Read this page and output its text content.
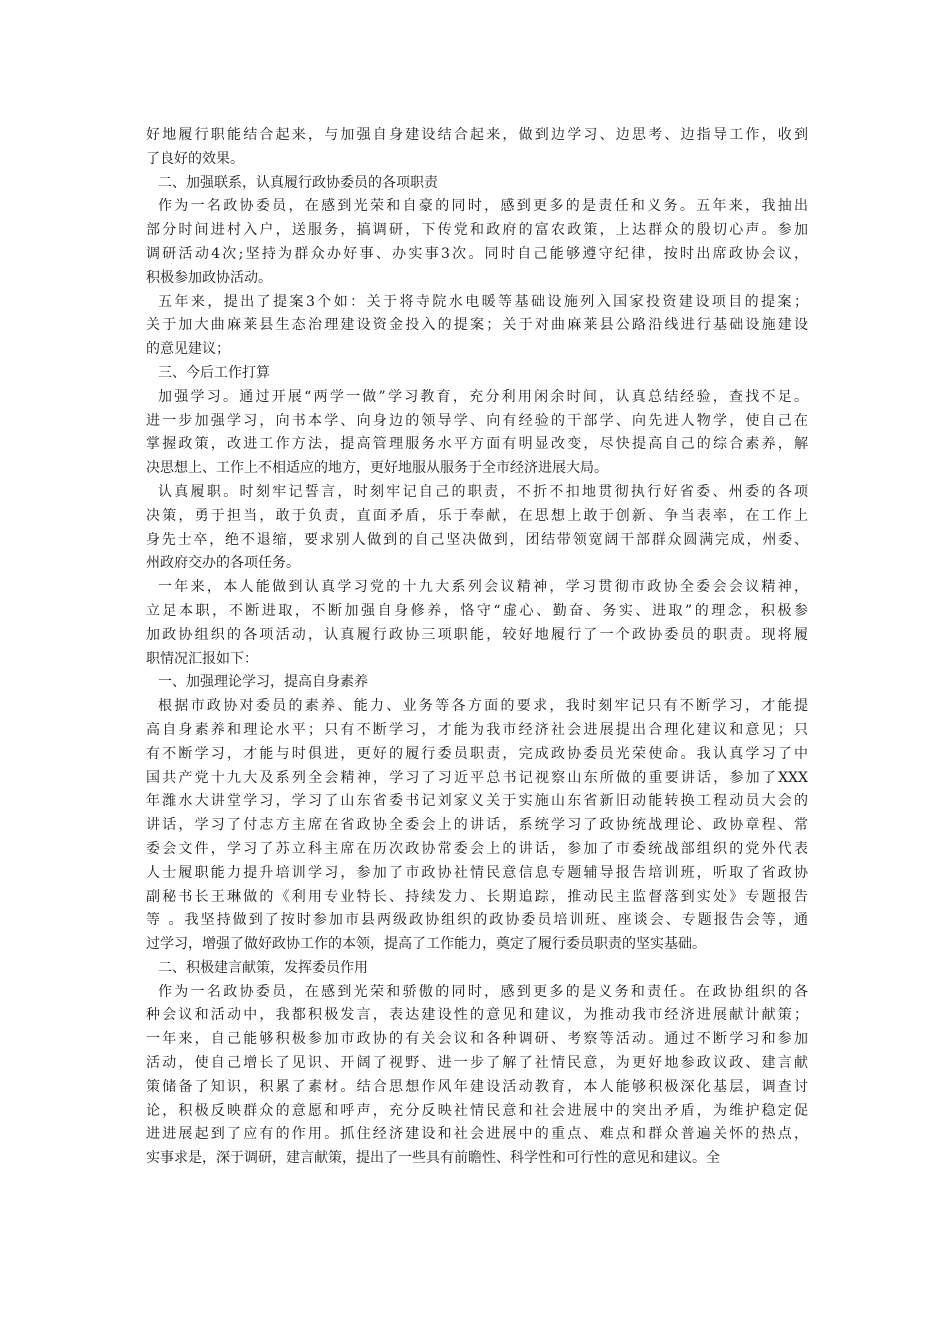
好地履行职能结合起来，与加强自身建设结合起来，做到边学习、边思考、边指导工作，收到
了良好的效果。
二、加强联系，认真履行政协委员的各项职责
作为一名政协委员，在感到光荣和自豪的同时，感到更多的是责任和义务。五年来，我抽出
部分时间进村入户，送服务，搞调研，下传党和政府的富农政策，上达群众的殷切心声。参加
调研活动4次;坚持为群众办好事、办实事3次。同时自己能够遵守纪律，按时出席政协会议，
积极参加政协活动。
五年来，提出了提案3个如：关于将寺院水电暖等基础设施列入国家投资建设项目的提案；
关于加大曲麻莱县生态治理建设资金投入的提案；关于对曲麻莱县公路沿线进行基础设施建设
的意见建议；
三、今后工作打算
加强学习。通过开展“两学一做”学习教育，充分利用闲余时间，认真总结经验，查找不足。
进一步加强学习，向书本学、向身边的领导学、向有经验的干部学、向先进人物学，使自己在
掌握政策，改进工作方法，提高管理服务水平方面有明显改变，尽快提高自己的综合素养，解
决思想上、工作上不相适应的地方，更好地服从服务于全市经济进展大局。
认真履职。时刻牢记誓言，时刻牢记自己的职责，不折不扣地贯彻执行好省委、州委的各项
决策，勇于担当，敢于负责，直面矛盾，乐于奉献，在思想上敢于创新、争当表率，在工作上
身先士卒，绝不退缩，要求别人做到的自己坚决做到，团结带领宽阔干部群众圆满完成，州委、
州政府交办的各项任务。
一年来，本人能做到认真学习党的十九大系列会议精神，学习贯彻市政协全委会会议精神，
立足本职，不断进取，不断加强自身修养，恪守“虚心、勤奋、务实、进取”的理念，积极参
加政协组织的各项活动，认真履行政协三项职能，较好地履行了一个政协委员的职责。现将履
职情况汇报如下：
一、加强理论学习，提高自身素养
根据市政协对委员的素养、能力、业务等各方面的要求，我时刻牢记只有不断学习，才能提
高自身素养和理论水平；只有不断学习，才能为我市经济社会进展提出合理化建议和意见；只
有不断学习，才能与时俱进，更好的履行委员职责，完成政协委员光荣使命。我认真学习了中
国共产党十九大及系列全会精神，学习了习近平总书记视察山东所做的重要讲话，参加了XXX
年潍水大讲堂学习，学习了山东省委书记刘家义关于实施山东省新旧动能转换工程动员大会的
讲话，学习了付志方主席在省政协全委会上的讲话，系统学习了政协统战理论、政协章程、常
委会文件，学习了苏立科主席在历次政协常委会上的讲话，参加了市委统战部组织的党外代表
人士履职能力提升培训学习，参加了市政协社情民意信息专题辅导报告培训班，听取了省政协
副秘书长王琳做的《利用专业特长、持续发力、长期追踪，推动民主监督落到实处》专题报告
等 。我坚持做到了按时参加市县两级政协组织的政协委员培训班、座谈会、专题报告会等，通
过学习，增强了做好政协工作的本领，提高了工作能力，奠定了履行委员职责的坚实基础。
二、积极建言献策，发挥委员作用
作为一名政协委员，在感到光荣和骄傲的同时，感到更多的是义务和责任。在政协组织的各
种会议和活动中，我都积极发言，表达建设性的意见和建议，为推动我市经济进展献计献策；
一年来，自己能够积极参加市政协的有关会议和各种调研、考察等活动。通过不断学习和参加
活动，使自己增长了见识、开阔了视野、进一步了解了社情民意，为更好地参政议政、建言献
策储备了知识，积累了素材。结合思想作风年建设活动教育，本人能够积极深化基层，调查讨
论，积极反映群众的意愿和呼声，充分反映社情民意和社会进展中的突出矛盾，为维护稳定促
进进展起到了应有的作用。抓住经济建设和社会进展中的重点、难点和群众普遍关怀的热点，
实事求是，深于调研，建言献策，提出了一些具有前瞻性、科学性和可行性的意见和建议。全
